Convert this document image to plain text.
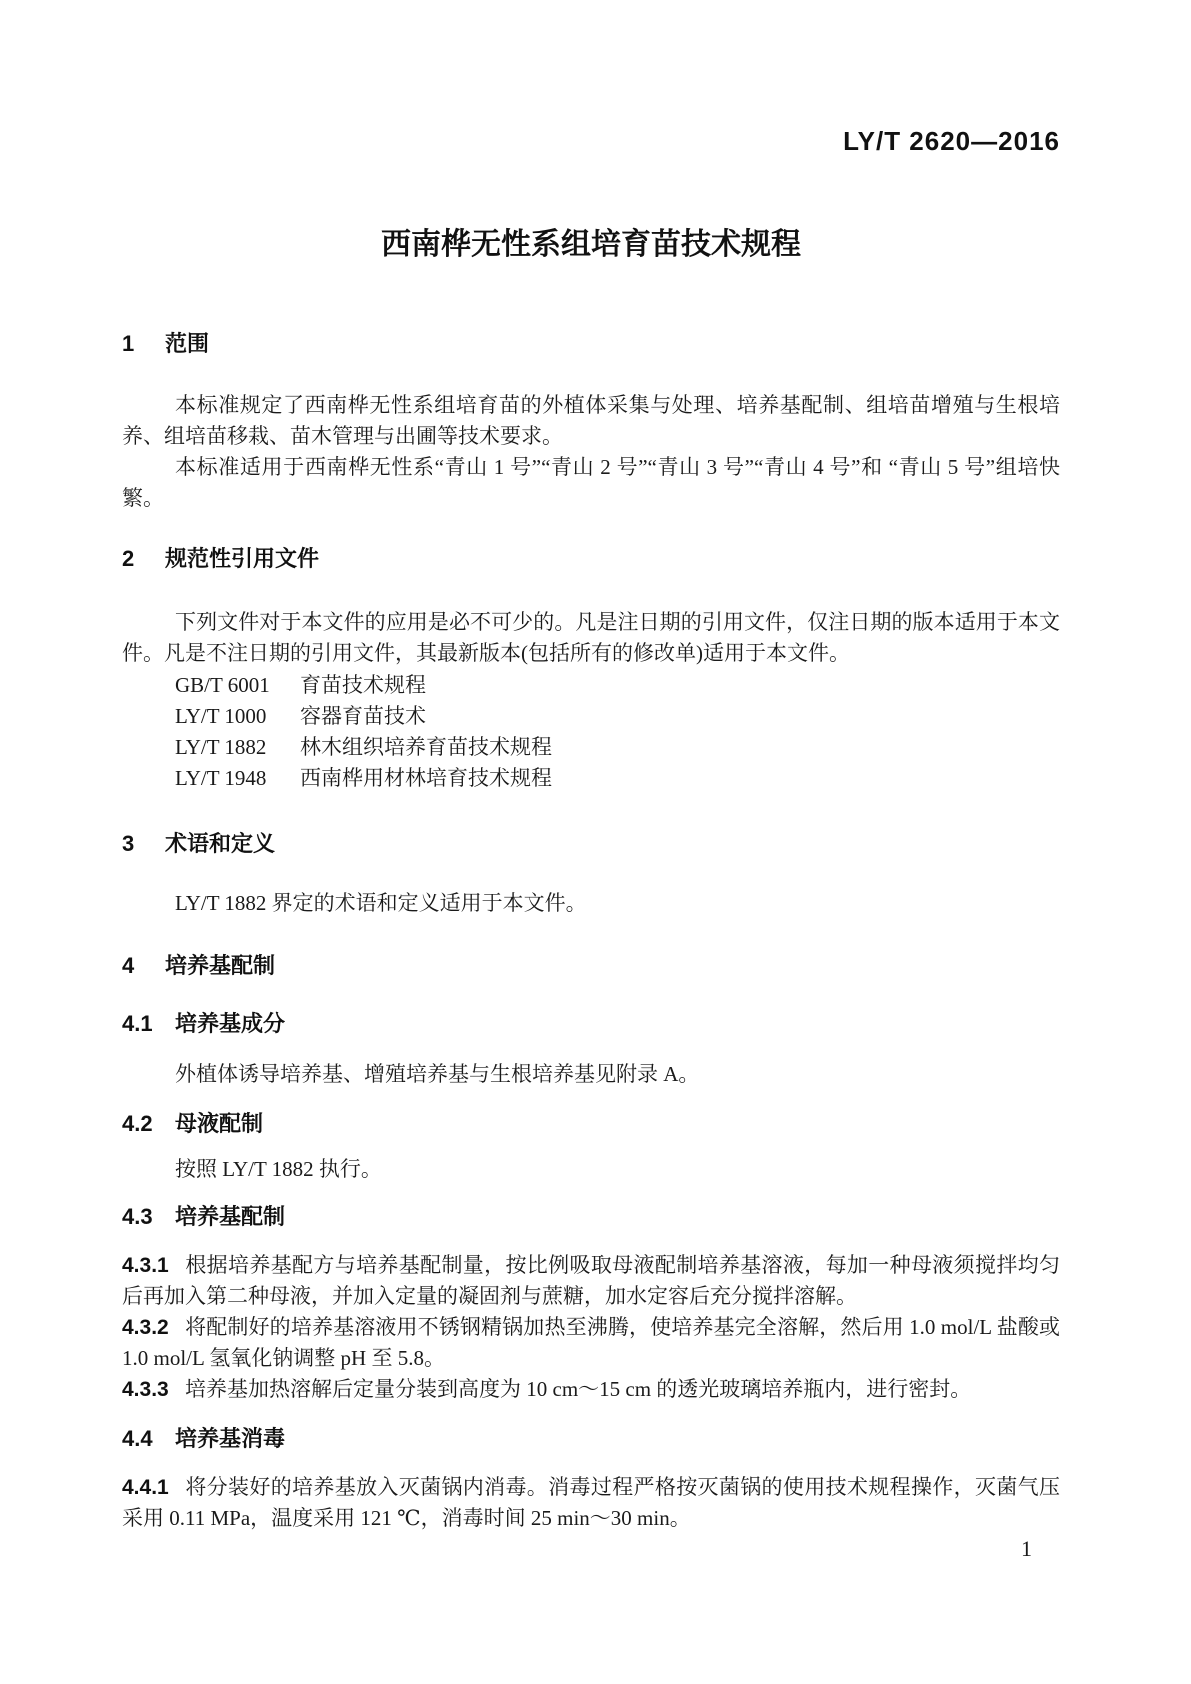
LY/T 2620—2016
西南桦无性系组培育苗技术规程
1 范围

本标准规定了西南桦无性系组培育苗的外植体采集与处理、培养基配制、组培苗增殖与生根培养、组培苗移栽、苗木管理与出圃等技术要求。

本标准适用于西南桦无性系“青山 1 号”“青山 2 号”“青山 3 号”“青山 4 号”和 “青山 5 号”组培快繁。

2 规范性引用文件

下列文件对于本文件的应用是必不可少的。凡是注日期的引用文件，仅注日期的版本适用于本文件。凡是不注日期的引用文件，其最新版本(包括所有的修改单)适用于本文件。

GB/T 6001 育苗技术规程
LY/T 1000 容器育苗技术
LY/T 1882 林木组织培养育苗技术规程
LY/T 1948 西南桦用材林培育技术规程
3 术语和定义

LY/T 1882 界定的术语和定义适用于本文件。

4 培养基配制
4.1 培养基成分

外植体诱导培养基、增殖培养基与生根培养基见附录 A。

4.2 母液配制

按照 LY/T 1882 执行。

4.3 培养基配制

4.3.1 根据培养基配方与培养基配制量，按比例吸取母液配制培养基溶液，每加一种母液须搅拌均匀后再加入第二种母液，并加入定量的凝固剂与蔗糖，加水定容后充分搅拌溶解。

4.3.2 将配制好的培养基溶液用不锈钢精锅加热至沸腾，使培养基完全溶解，然后用 1.0 mol/L 盐酸或 1.0 mol/L 氢氧化钠调整 pH 至 5.8。

4.3.3 培养基加热溶解后定量分装到高度为 10 cm～15 cm 的透光玻璃培养瓶内，进行密封。

4.4 培养基消毒

4.4.1 将分装好的培养基放入灭菌锅内消毒。消毒过程严格按灭菌锅的使用技术规程操作，灭菌气压采用 0.11 MPa，温度采用 121 ℃，消毒时间 25 min～30 min。

1
